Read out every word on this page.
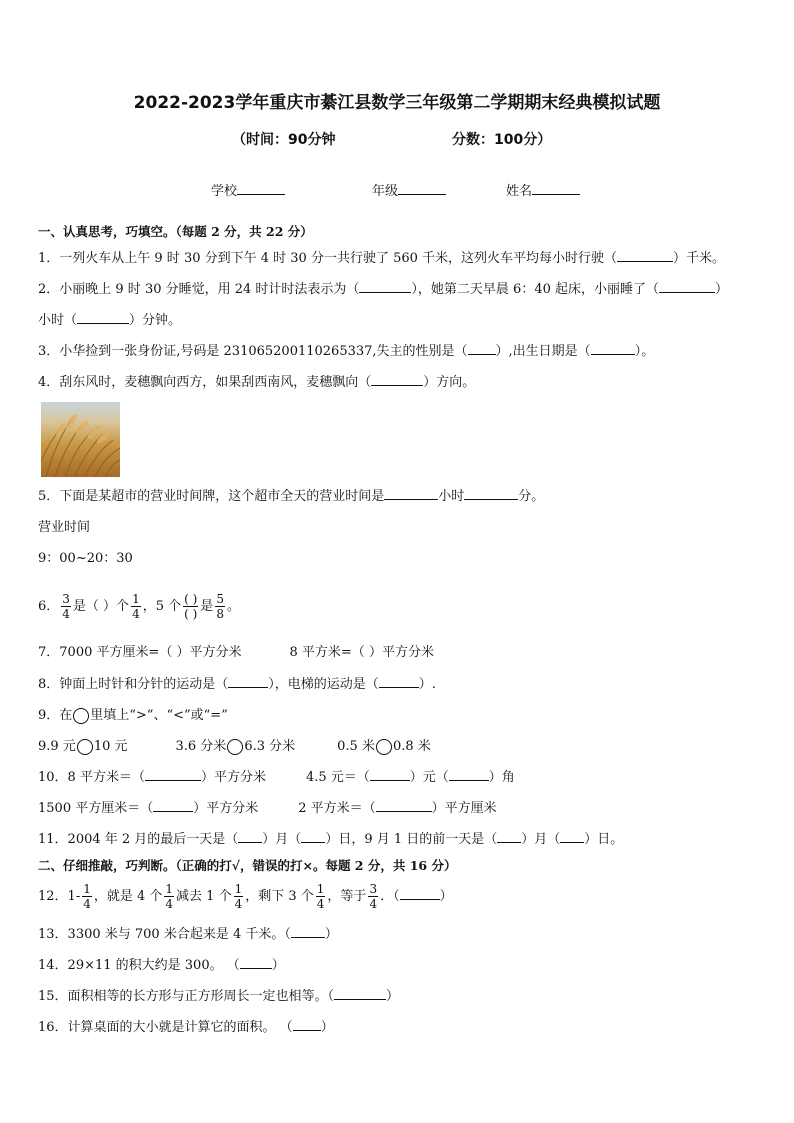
2022-2023学年重庆市綦江县数学三年级第二学期期末经典模拟试题
（时间：90分钟	分数：100分）
学校	年级	姓名
一、认真思考，巧填空。（每题 2 分，共 22 分）
1．一列火车从上午 9 时 30 分到下午 4 时 30 分一共行驶了 560 千米，这列火车平均每小时行驶（	）千米。
2．小丽晚上 9 时 30 分睡觉，用 24 时计时法表示为（	），她第二天早晨 6：40 起床，小丽睡了（	）
小时（	）分钟。
3．小华捡到一张身份证,号码是 231065200110265337,失主的性别是（ ）,出生日期是（	）。
4．刮东风时，麦穗飘向西方，如果刮西南风，麦穗飘向（	）方向。
5．下面是某超市的营业时间牌，这个超市全天的营业时间是	小时	分。
营业时间
9：00~20：30
6． $\frac{3}{4}$ 是（ ）个 $\frac{1}{4}$ ，5 个 $\frac{( )}{( )}$ 是 $\frac{5}{8}$ 。
7．7000 平方厘米=（ ）平方分米	8 平方米=（ ）平方分米
8．钟面上时针和分针的运动是（	），电梯的运动是（	）.
9．在 里填上“>”、“<”或“=”
9.9 元 10 元	3.6 分米 6.3 分米	0.5 米 0.8 米
10．8 平方米＝（	）平方分米	4.5 元＝（	）元（	）角
1500 平方厘米＝（	）平方分米	2 平方米＝（	）平方厘米
11．2004 年 2 月的最后一天是（ ）月（ ）日，9 月 1 日的前一天是（ ）月（ ）日。
二、仔细推敲，巧判断。（正确的打√，错误的打×。每题 2 分，共 16 分）
12．$1- \frac{1}{4}$ ，就是 4 个 $\frac{1}{4}$ 减去 1 个 $\frac{1}{4}$ ，剩下 3 个 $\frac{1}{4}$ ，等于 $\frac{3}{4}$ ．（	）
13．3300 米与 700 米合起来是 4 千米。（	）
14．29×11 的积大约是 300。 （ ）
15．面积相等的长方形与正方形周长一定也相等。（	）
16．计算桌面的大小就是计算它的面积。 （ ）
